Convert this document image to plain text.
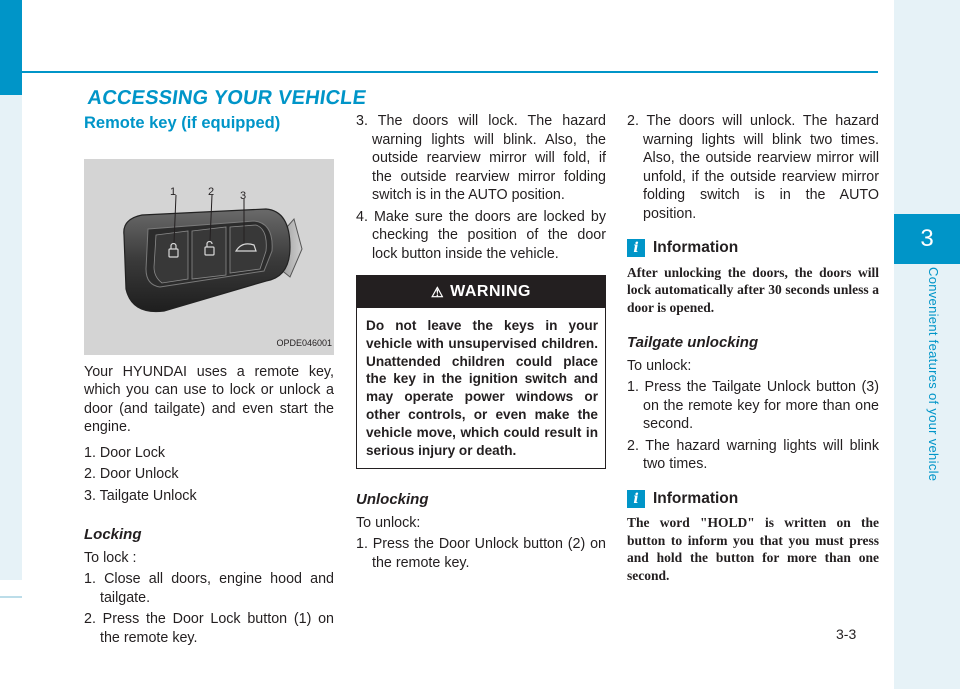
3
Convenient features of your vehicle
ACCESSING YOUR VEHICLE
Remote key (if equipped)
1	2 3
OPDE046001

Your HYUNDAI uses a remote key, which you can use to lock or unlock a door (and tailgate) and even start the engine.

1. Door Lock

2. Door Unlock

3. Tailgate Unlock

Locking

To lock :

1. Close all doors, engine hood and tailgate.

2. Press the Door Lock button (1) on the remote key.

3. The doors will lock. The hazard warning lights will blink. Also, the outside rearview mirror will fold, if the outside rearview mirror folding switch is in the AUTO position.

4. Make sure the doors are locked by checking the position of the door lock button inside the vehicle.

⚠ WARNING
Do not leave the keys in your vehicle with unsupervised children. Unattended children could place the key in the ignition switch and may operate power windows or other controls, or even make the vehicle move, which could result in serious injury or death.
Unlocking

To unlock:

1. Press the Door Unlock button (2) on the remote key.

2. The doors will unlock. The hazard warning lights will blink two times. Also, the outside rearview mirror will unfold, if the outside rearview mirror folding switch is in the AUTO position.

i Information
After unlocking the doors, the doors will lock automatically after 30 seconds unless a door is opened.
Tailgate unlocking

To unlock:

1. Press the Tailgate Unlock button (3) on the remote key for more than one second.

2. The hazard warning lights will blink two times.

i Information
The word "HOLD" is written on the button to inform you that you must press and hold the button for more than one second.
3-3
